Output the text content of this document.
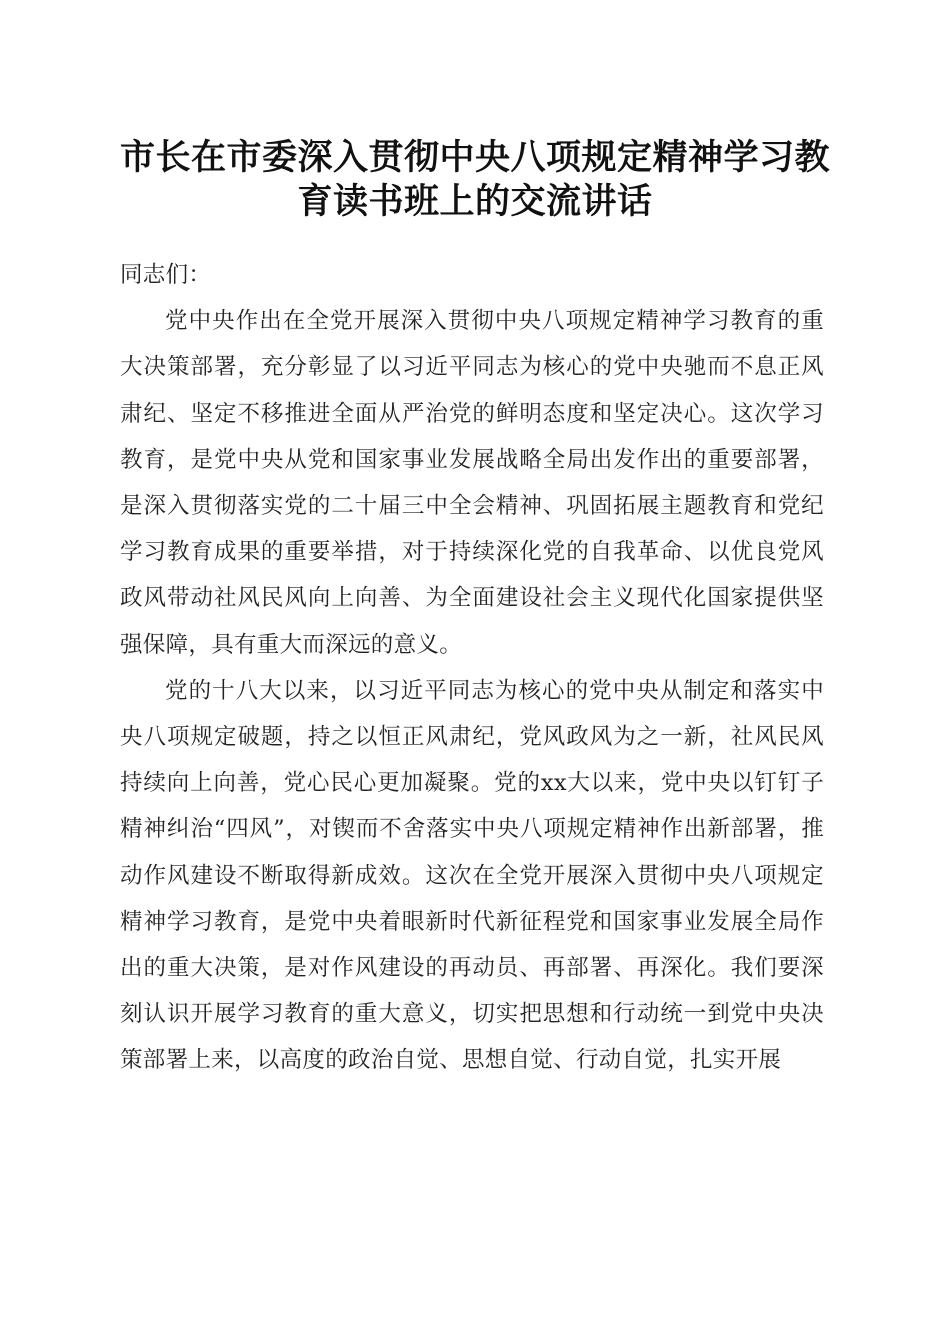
市长在市委深入贯彻中央八项规定精神学习教育读书班上的交流讲话

同志们：

党中央作出在全党开展深入贯彻中央八项规定精神学习教育的重大决策部署，充分彰显了以习近平同志为核心的党中央驰而不息正风肃纪、坚定不移推进全面从严治党的鲜明态度和坚定决心。这次学习教育，是党中央从党和国家事业发展战略全局出发作出的重要部署，是深入贯彻落实党的二十届三中全会精神、巩固拓展主题教育和党纪学习教育成果的重要举措，对于持续深化党的自我革命、以优良党风政风带动社风民风向上向善、为全面建设社会主义现代化国家提供坚强保障，具有重大而深远的意义。

党的十八大以来，以习近平同志为核心的党中央从制定和落实中央八项规定破题，持之以恒正风肃纪，党风政风为之一新，社风民风持续向上向善，党心民心更加凝聚。党的xx大以来，党中央以钉钉子精神纠治“四风”，对锲而不舍落实中央八项规定精神作出新部署，推动作风建设不断取得新成效。这次在全党开展深入贯彻中央八项规定精神学习教育，是党中央着眼新时代新征程党和国家事业发展全局作出的重大决策，是对作风建设的再动员、再部署、再深化。我们要深刻认识开展学习教育的重大意义，切实把思想和行动统一到党中央决策部署上来，以高度的政治自觉、思想自觉、行动自觉，扎实开展
